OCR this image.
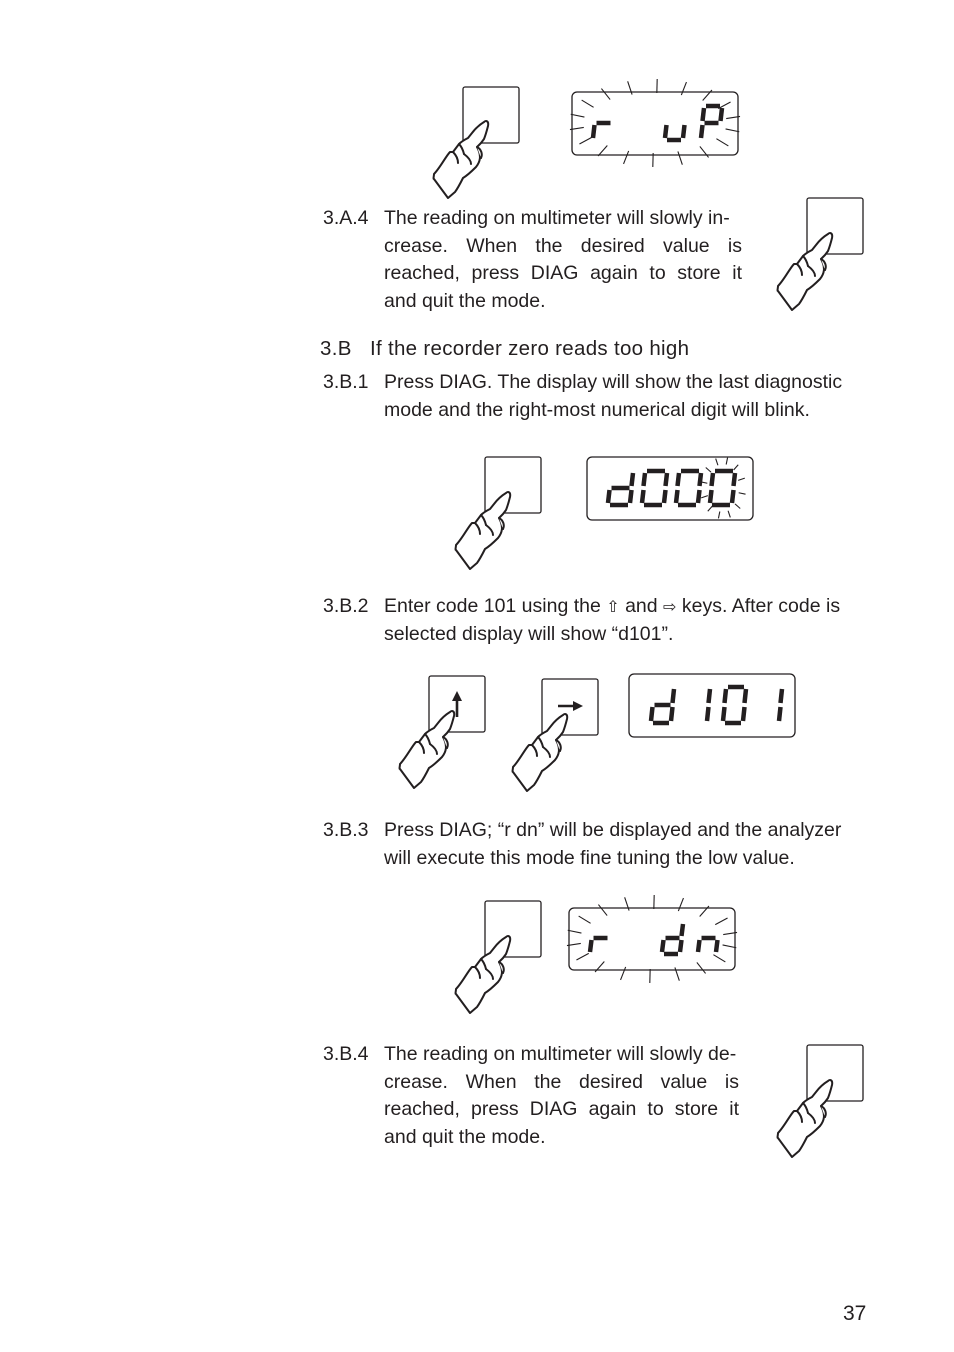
3.A.4 The reading on multimeter will slowly in-
crease. When the desired value is
reached, press DIAG again to store it
and quit the mode.
3.B If the recorder zero reads too high
3.B.1 Press DIAG. The display will show the last diagnostic
mode and the right-most numerical digit will blink.
3.B.2 Enter code 101 using the ⇧ and ⇨ keys. After code is
selected display will show “d101”.
3.B.3 Press DIAG; “r dn” will be displayed and the analyzer
will execute this mode fine tuning the low value.
3.B.4 The reading on multimeter will slowly de-
crease. When the desired value is
reached, press DIAG again to store it
and quit the mode.
37
